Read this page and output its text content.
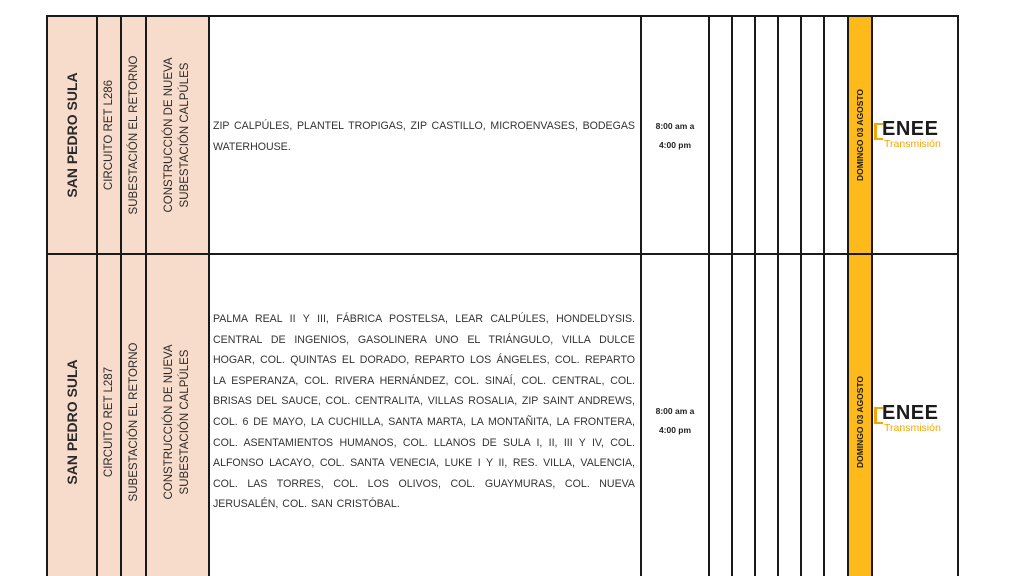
SAN PEDRO SULA CIRCUITO RET L286 SUBESTACIÓN EL RETORNO CONSTRUCCIÓN DE NUEVA SUBESTACIÓN CALPÚLES ZIP CALPÚLES, PLANTEL TROPIGAS, ZIP CASTILLO, MICROENVASES, BODEGAS WATERHOUSE.
8:00 am a
4:00 pm	DOMINGO 03 AGOSTO ENEE
Transmisión
SAN PEDRO SULA CIRCUITO RET L287 SUBESTACIÓN EL RETORNO CONSTRUCCIÓN DE NUEVA SUBESTACIÓN CALPÚLES
PALMA REAL II Y III, FÁBRICA POSTELSA, LEAR CALPÚLES, HONDELDYSIS. CENTRAL DE INGENIOS, GASOLINERA UNO EL TRIÁNGULO, VILLA DULCE HOGAR, COL. QUINTAS EL DORADO, REPARTO LOS ÁNGELES, COL. REPARTO LA ESPERANZA, COL. RIVERA HERNÁNDEZ, COL. SINAÍ, COL. CENTRAL, COL. BRISAS DEL SAUCE, COL. CENTRALITA, VILLAS ROSALIA, ZIP SAINT ANDREWS, COL. 6 DE MAYO, LA CUCHILLA, SANTA MARTA, LA MONTAÑITA, LA FRONTERA, COL. ASENTAMIENTOS HUMANOS, COL. LLANOS DE SULA I, II, III Y IV, COL. ALFONSO LACAYO, COL. SANTA VENECIA, LUKE I Y II, RES. VILLA, VALENCIA, COL. LAS TORRES, COL. LOS OLIVOS, COL. GUAYMURAS, COL. NUEVA JERUSALÉN, COL. SAN CRISTÓBAL.
8:00 am a
4:00 pm	DOMINGO 03 AGOSTO ENEE
Transmisión
